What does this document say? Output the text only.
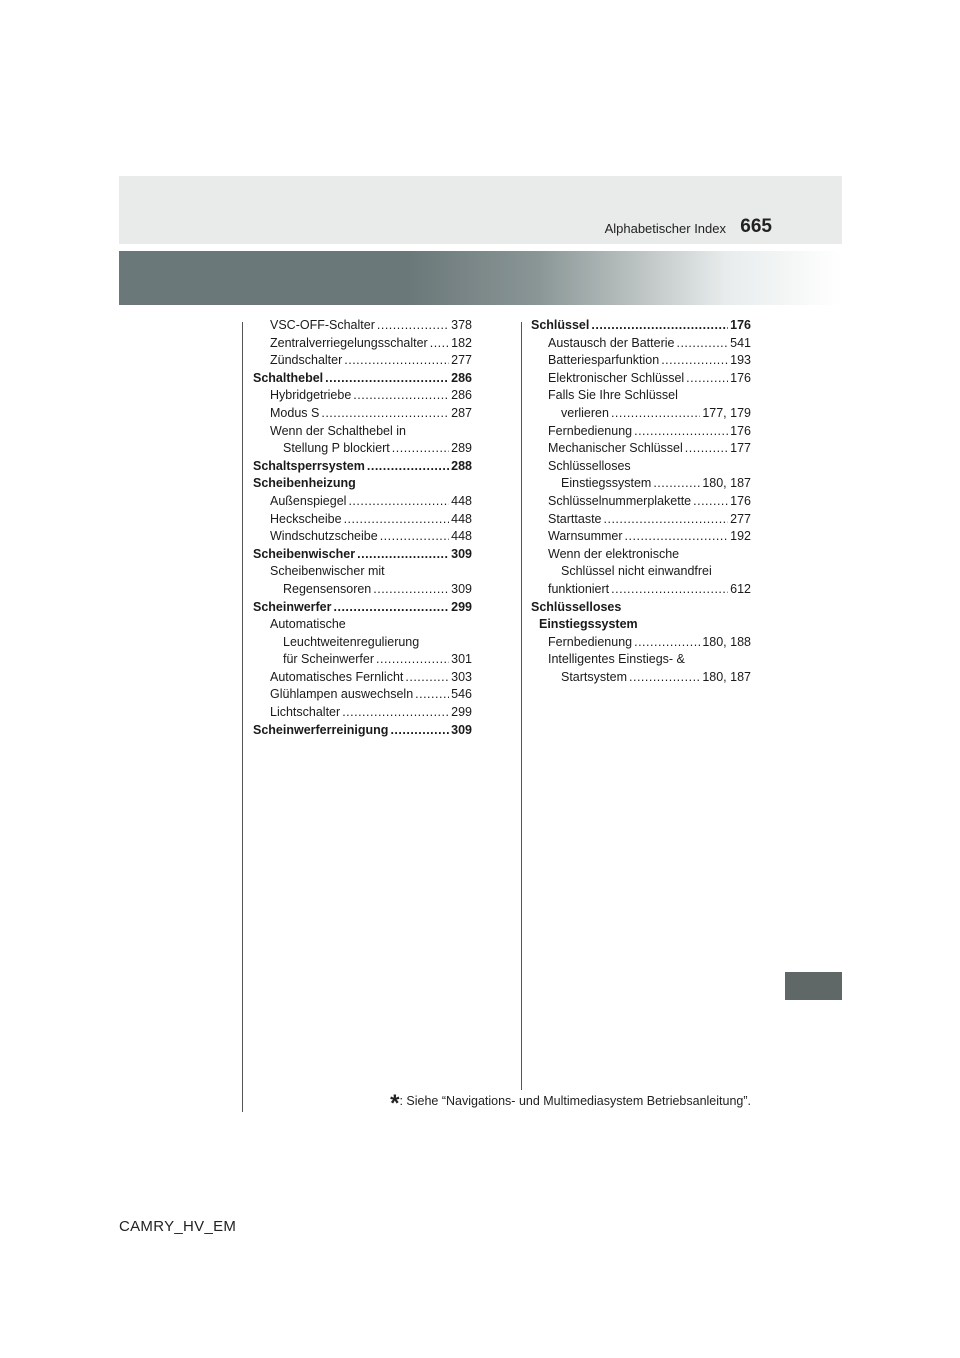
Alphabetischer Index 665
VSC-OFF-Schalter .....	378
Zentralverriegelungsschalter ..... 182
Zündschalter .....	277
Schalthebel .....	286
Hybridgetriebe .....	286
Modus S .....	287
Wenn der Schalthebel in
Stellung P blockiert .....	289
Schaltsperrsystem .....	288
Scheibenheizung
Außenspiegel .....	448
Heckscheibe .....	448
Windschutzscheibe .....	448
Scheibenwischer .....	309
Scheibenwischer mit
Regensensoren .....	309
Scheinwerfer .....	299
Automatische
Leuchtweitenregulierung
für Scheinwerfer .....	301
Automatisches Fernlicht .....	303
Glühlampen auswechseln .....	546
Lichtschalter .....	299
Scheinwerferreinigung .....	309
Schlüssel .....	176
Austausch der Batterie .....	541
Batteriesparfunktion .....	193
Elektronischer Schlüssel .....	176
Falls Sie Ihre Schlüssel
verlieren .....	177, 179
Fernbedienung .....	176
Mechanischer Schlüssel .....	177
Schlüsselloses
Einstiegssystem .....	180, 187
Schlüsselnummerplakette .....	176
Starttaste .....	277
Warnsummer .....	192
Wenn der elektronische
Schlüssel nicht einwandfrei
funktioniert .....	612
Schlüsselloses
Einstiegssystem
Fernbedienung .....	180, 188
Intelligentes Einstiegs- &
Startsystem .....	180, 187
*: Siehe “Navigations- und Multimediasystem Betriebsanleitung”.
CAMRY_HV_EM
